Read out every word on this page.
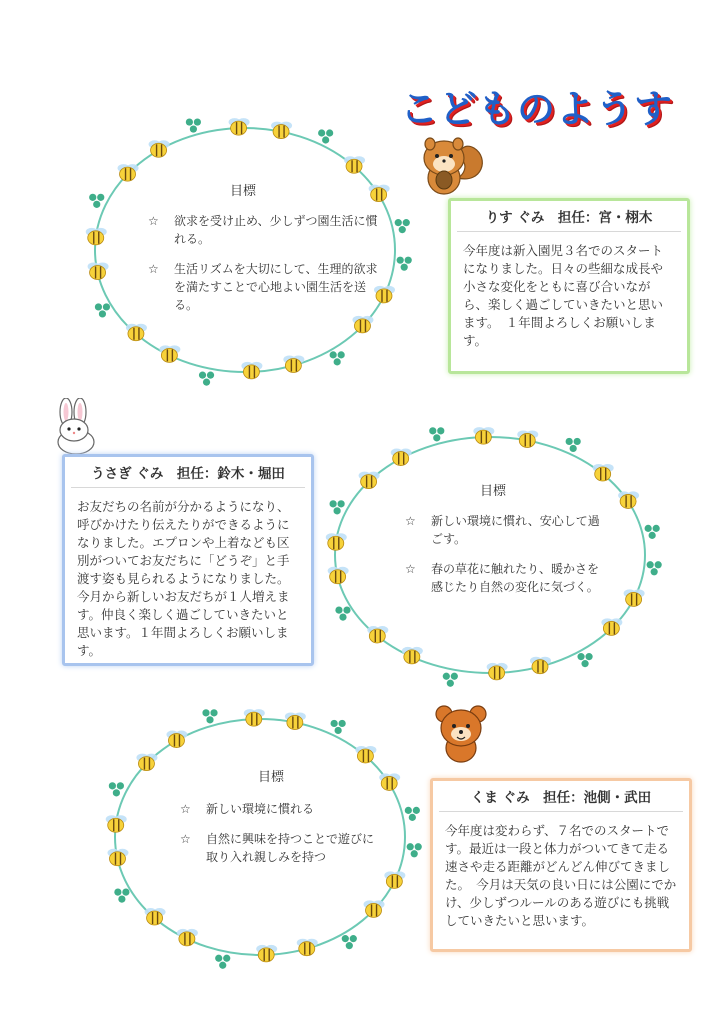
こどものようす
目標
☆ 欲求を受け止め、少しずつ園生活に慣れる。
☆ 生活リズムを大切にして、生理的欲求を満たすことで心地よい園生活を送る。
りす ぐみ　担任：宮・栩木
今年度は新入園児３名でのスタートになりました。日々の些細な成長や小さな変化をともに喜び合いながら、楽しく過ごしていきたいと思います。　１年間よろしくお願いします。
うさぎ ぐみ　担任：鈴木・堀田
お友だちの名前が分かるようになり、呼びかけたり伝えたりができるようになりました。エプロンや上着なども区別がついてお友だちに「どうぞ」と手渡す姿も見られるようになりました。今月から新しいお友だちが１人増えます。仲良く楽しく過ごしていきたいと思います。１年間よろしくお願いします。
目標
☆ 新しい環境に慣れ、安心して過ごす。
☆ 春の草花に触れたり、暖かさを感じたり自然の変化に気づく。
くま ぐみ　担任：池側・武田
今年度は変わらず、７名でのスタートです。最近は一段と体力がついてきて走る速さや走る距離がどんどん伸びてきました。　今月は天気の良い日には公園にでかけ、少しずつルールのある遊びにも挑戦していきたいと思います。
目標
☆ 新しい環境に慣れる
☆ 自然に興味を持つことで遊びに取り入れ親しみを持つ
